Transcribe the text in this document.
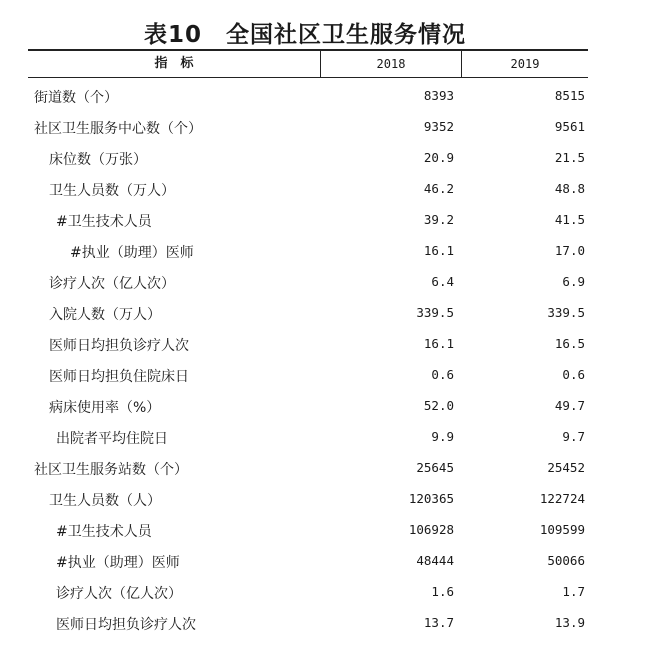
表10　全国社区卫生服务情况
指　标	2018	2019
街道数（个）	8393	8515
社区卫生服务中心数（个）	9352	9561
床位数（万张）	20.9	21.5
卫生人员数（万人）	46.2	48.8
#卫生技术人员	39.2	41.5
#执业（助理）医师	16.1	17.0
诊疗人次（亿人次）	6.4	6.9
入院人数（万人）	339.5	339.5
医师日均担负诊疗人次	16.1	16.5
医师日均担负住院床日	0.6	0.6
病床使用率（%）	52.0	49.7
出院者平均住院日	9.9	9.7
社区卫生服务站数（个）	25645	25452
卫生人员数（人）	120365	122724
#卫生技术人员	106928	109599
#执业（助理）医师	48444	50066
诊疗人次（亿人次）	1.6	1.7
医师日均担负诊疗人次	13.7	13.9
